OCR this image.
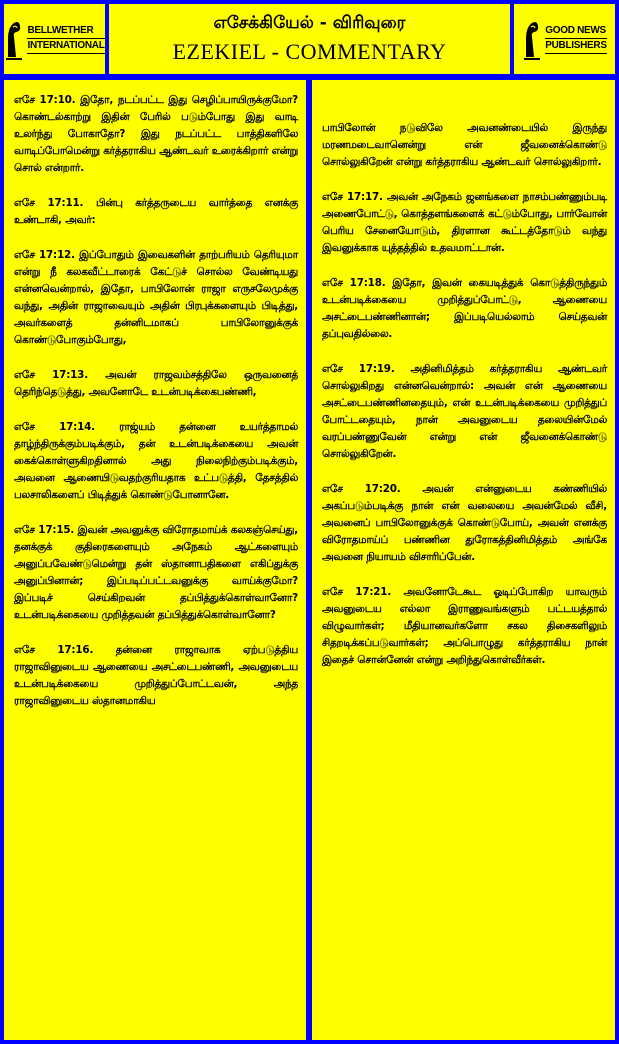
BELLWETHER
INTERNATIONAL
எசேக்கியேல் - விரிவுரை
EZEKIEL - COMMENTARY
GOOD NEWS
PUBLISHERS

எசே 17:10. இதோ, நடப்பட்ட இது செழிப்பாயிருக்குமோ? கொண்டல்காற்று இதின் பேரில் படும்போது இது வாடி உலர்ந்து போகாதோ? இது நடப்பட்ட பாத்திகளிலே வாடிப்போமென்று கர்த்தராகிய ஆண்டவர் உரைக்கிறார் என்று சொல் என்றார்.

எசே 17:11. பின்பு கர்த்தருடைய வார்த்தை எனக்கு உண்டாகி, அவர்:

எசே 17:12. இப்போதும் இவைகளின் தாற்பரியம் தெரியுமா என்று நீ கலகவீட்டாரைக் கேட்டுச் சொல்ல வேண்டியது என்னவென்றால், இதோ, பாபிலோன் ராஜா எருசலேமுக்கு வந்து, அதின் ராஜாவையும் அதின் பிரபுக்களையும் பிடித்து, அவர்களைத் தன்னிடமாகப் பாபிலோனுக்குக் கொண்டுபோகும்போது,

எசே 17:13. அவன் ராஜவம்சத்திலே ஒருவனைத் தெரிந்தெடுத்து, அவனோடே உடன்படிக்கைபண்ணி,

எசே 17:14. ராஜ்யம் தன்னை உயர்த்தாமல் தாழ்ந்திருக்கும்படிக்கும், தன் உடன்படிக்கையை அவன் கைக்கொள்ளுகிறதினால் அது நிலைநிற்கும்படிக்கும், அவனை ஆணையிடுவதற்குரியதாக உட்படுத்தி, தேசத்தில் பலசாலிகளைப் பிடித்துக் கொண்டுபோனானே.

எசே 17:15. இவன் அவனுக்கு விரோதமாய்க் கலகஞ்செய்து, தனக்குக் குதிரைகளையும் அநேகம் ஆட்களையும் அனுப்பவேண்டுமென்று தன் ஸ்தானாபதிகளை எகிப்துக்கு அனுப்பினான்; இப்படிப்பட்டவனுக்கு வாய்க்குமோ? இப்படிச் செய்கிறவன் தப்பித்துக்கொள்வானோ? உடன்படிக்கையை முறித்தவன் தப்பித்துக்கொள்வானோ?

எசே 17:16. தன்னை ராஜாவாக ஏற்படுத்திய ராஜாவினுடைய ஆணையை அசட்டைபண்ணி, அவனுடைய உடன்படிக்கையை முறித்துப்போட்டவன், அந்த ராஜாவினுடைய ஸ்தானமாகிய

பாபிலோன் நடுவிலே அவனண்டையில் இருந்து மரணமடைவானென்று என் ஜீவனைக்கொண்டு சொல்லுகிறேன் என்று கர்த்தராகிய ஆண்டவர் சொல்லுகிறார்.

எசே 17:17. அவன் அநேகம் ஜனங்களை நாசம்பண்ணும்படி அணைபோட்டு, கொத்தளங்களைக் கட்டும்போது, பார்வோன் பெரிய சேனையோடும், திரளான கூட்டத்தோடும் வந்து இவனுக்காக யுத்தத்தில் உதவமாட்டான்.

எசே 17:18. இதோ, இவன் கையடித்துக் கொடுத்திருந்தும் உடன்படிக்கையை முறித்துப்போட்டு, ஆணையை அசட்டைபண்ணினான்; இப்படியெல்லாம் செய்தவன் தப்புவதில்லை.

எசே 17:19. அதினிமித்தம் கர்த்தராகிய ஆண்டவர் சொல்லுகிறது என்னவென்றால்: அவன் என் ஆணையை அசட்டைபண்ணினதையும், என் உடன்படிக்கையை முறித்துப் போட்டதையும், நான் அவனுடைய தலையின்மேல் வரப்பண்ணுவேன் என்று என் ஜீவனைக்கொண்டு சொல்லுகிறேன்.

எசே 17:20. அவன் என்னுடைய கண்ணியில் அகப்படும்படிக்கு நான் என் வலையை அவன்மேல் வீசி, அவனைப் பாபிலோனுக்குக் கொண்டுபோய், அவன் எனக்கு விரோதமாய்ப் பண்ணின துரோகத்தினிமித்தம் அங்கே அவனை நியாயம் விசாரிப்பேன்.

எசே 17:21. அவனோடேகூட ஓடிப்போகிற யாவரும் அவனுடைய எல்லா இராணுவங்களும் பட்டயத்தால் விழுவார்கள்; மீதியானவர்களோ சகல திசைகளிலும் சிதறடிக்கப்படுவார்கள்; அப்பொழுது கர்த்தராகிய நான் இதைச் சொன்னேன் என்று அறிந்துகொள்வீர்கள்.
